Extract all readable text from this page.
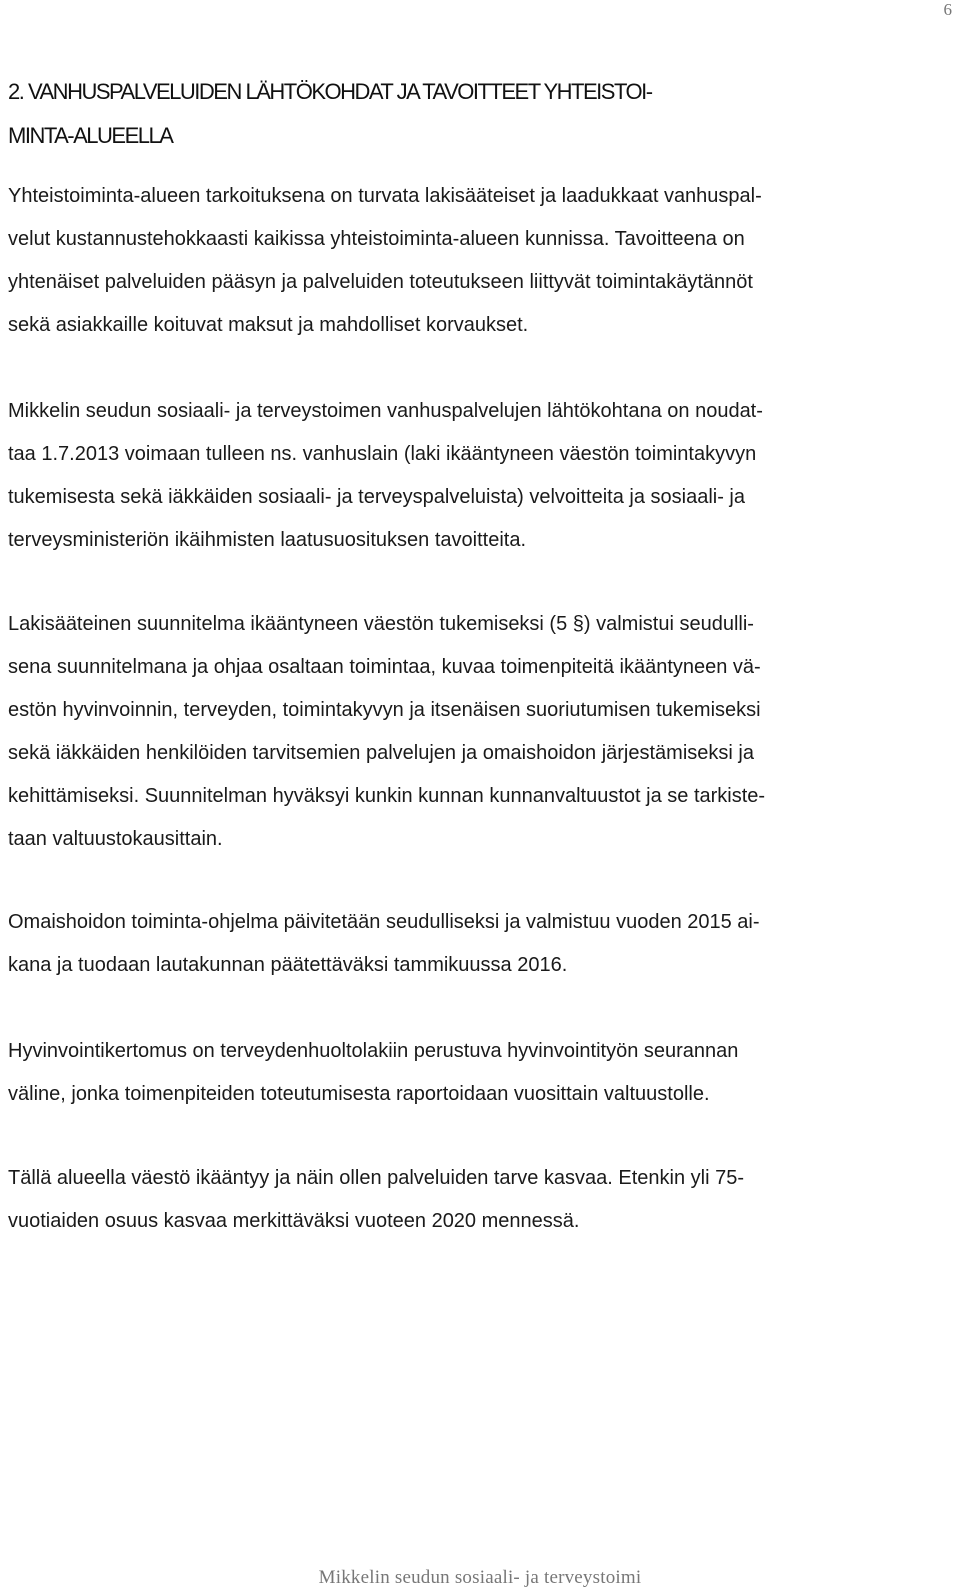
6
2. VANHUSPALVELUIDEN LÄHTÖKOHDAT JA TAVOITTEET YHTEISTOI-
MINTA-ALUEELLA

Yhteistoiminta-alueen tarkoituksena on turvata lakisääteiset ja laadukkaat vanhuspal-
velut kustannustehokkaasti kaikissa yhteistoiminta-alueen kunnissa. Tavoitteena on
yhtenäiset palveluiden pääsyn ja palveluiden toteutukseen liittyvät toimintakäytännöt
sekä asiakkaille koituvat maksut ja mahdolliset korvaukset.

Mikkelin seudun sosiaali- ja terveystoimen vanhuspalvelujen lähtökohtana on noudat-
taa 1.7.2013 voimaan tulleen ns. vanhuslain (laki ikääntyneen väestön toimintakyvyn
tukemisesta sekä iäkkäiden sosiaali- ja terveyspalveluista) velvoitteita ja sosiaali- ja
terveysministeriön ikäihmisten laatusuosituksen tavoitteita.

Lakisääteinen suunnitelma ikääntyneen väestön tukemiseksi (5 §) valmistui seudulli-
sena suunnitelmana ja ohjaa osaltaan toimintaa, kuvaa toimenpiteitä ikääntyneen vä-
estön hyvinvoinnin, terveyden, toimintakyvyn ja itsenäisen suoriutumisen tukemiseksi
sekä iäkkäiden henkilöiden tarvitsemien palvelujen ja omaishoidon järjestämiseksi ja
kehittämiseksi. Suunnitelman hyväksyi kunkin kunnan kunnanvaltuustot ja se tarkiste-
taan valtuustokausittain.

Omaishoidon toiminta-ohjelma päivitetään seudulliseksi ja valmistuu vuoden 2015 ai-
kana ja tuodaan lautakunnan päätettäväksi tammikuussa 2016.

Hyvinvointikertomus on terveydenhuoltolakiin perustuva hyvinvointityön seurannan
väline, jonka toimenpiteiden toteutumisesta raportoidaan vuosittain valtuustolle.

Tällä alueella väestö ikääntyy ja näin ollen palveluiden tarve kasvaa. Etenkin yli 75-
vuotiaiden osuus kasvaa merkittäväksi vuoteen 2020 mennessä.

Mikkelin seudun sosiaali- ja terveystoimi
